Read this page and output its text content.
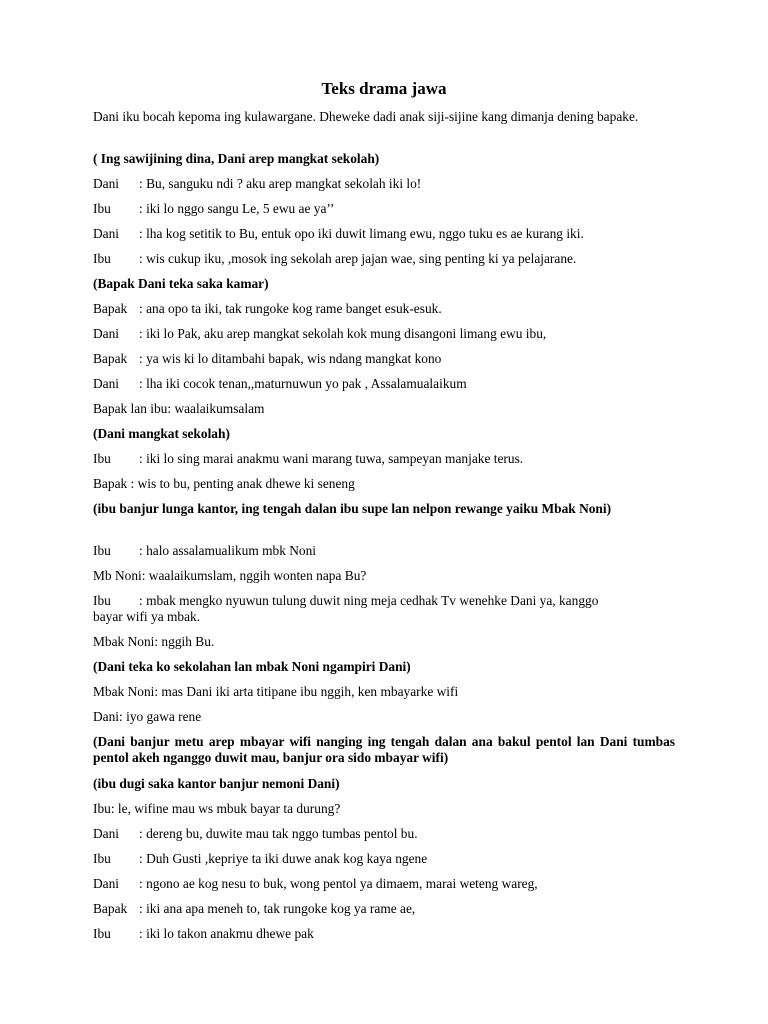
Teks drama jawa
Dani iku bocah kepoma ing kulawargane. Dheweke dadi anak siji-sijine kang dimanja dening bapake.
( Ing sawijining dina, Dani arep mangkat sekolah)
Dani : Bu, sanguku ndi ? aku arep mangkat sekolah iki lo!
Ibu : iki lo nggo sangu Le, 5 ewu ae ya’’
Dani : lha kog setitik to Bu, entuk opo iki duwit limang ewu, nggo tuku es ae kurang iki.
Ibu : wis cukup iku, ,mosok ing sekolah arep jajan wae, sing penting ki ya pelajarane.
(Bapak Dani teka saka kamar)
Bapak : ana opo ta iki, tak rungoke kog rame banget esuk-esuk.
Dani : iki lo Pak, aku arep mangkat sekolah kok mung disangoni limang ewu ibu,
Bapak : ya wis ki lo ditambahi bapak, wis ndang mangkat kono
Dani : lha iki cocok tenan,,maturnuwun yo pak , Assalamualaikum
Bapak lan ibu: waalaikumsalam
(Dani mangkat sekolah)
Ibu : iki lo sing marai anakmu wani marang tuwa, sampeyan manjake terus.
Bapak : wis to bu, penting anak dhewe ki seneng
(ibu banjur lunga kantor, ing tengah dalan ibu supe lan nelpon rewange yaiku Mbak Noni)
Ibu : halo assalamualikum mbk Noni
Mb Noni: waalaikumslam, nggih wonten napa Bu?
Ibu : mbak mengko nyuwun tulung duwit ning meja cedhak Tv wenehke Dani ya, kanggo
bayar wifi ya mbak.
Mbak Noni: nggih Bu.
(Dani teka ko sekolahan lan mbak Noni ngampiri Dani)
Mbak Noni: mas Dani iki arta titipane ibu nggih, ken mbayarke wifi
Dani: iyo gawa rene
(Dani banjur metu arep mbayar wifi nanging ing tengah dalan ana bakul pentol lan Dani tumbas pentol akeh nganggo duwit mau, banjur ora sido mbayar wifi)
(ibu dugi saka kantor banjur nemoni Dani)
Ibu: le, wifine mau ws mbuk bayar ta durung?
Dani : dereng bu, duwite mau tak nggo tumbas pentol bu.
Ibu : Duh Gusti ,kepriye ta iki duwe anak kog kaya ngene
Dani : ngono ae kog nesu to buk, wong pentol ya dimaem, marai weteng wareg,
Bapak : iki ana apa meneh to, tak rungoke kog ya rame ae,
Ibu : iki lo takon anakmu dhewe pak
